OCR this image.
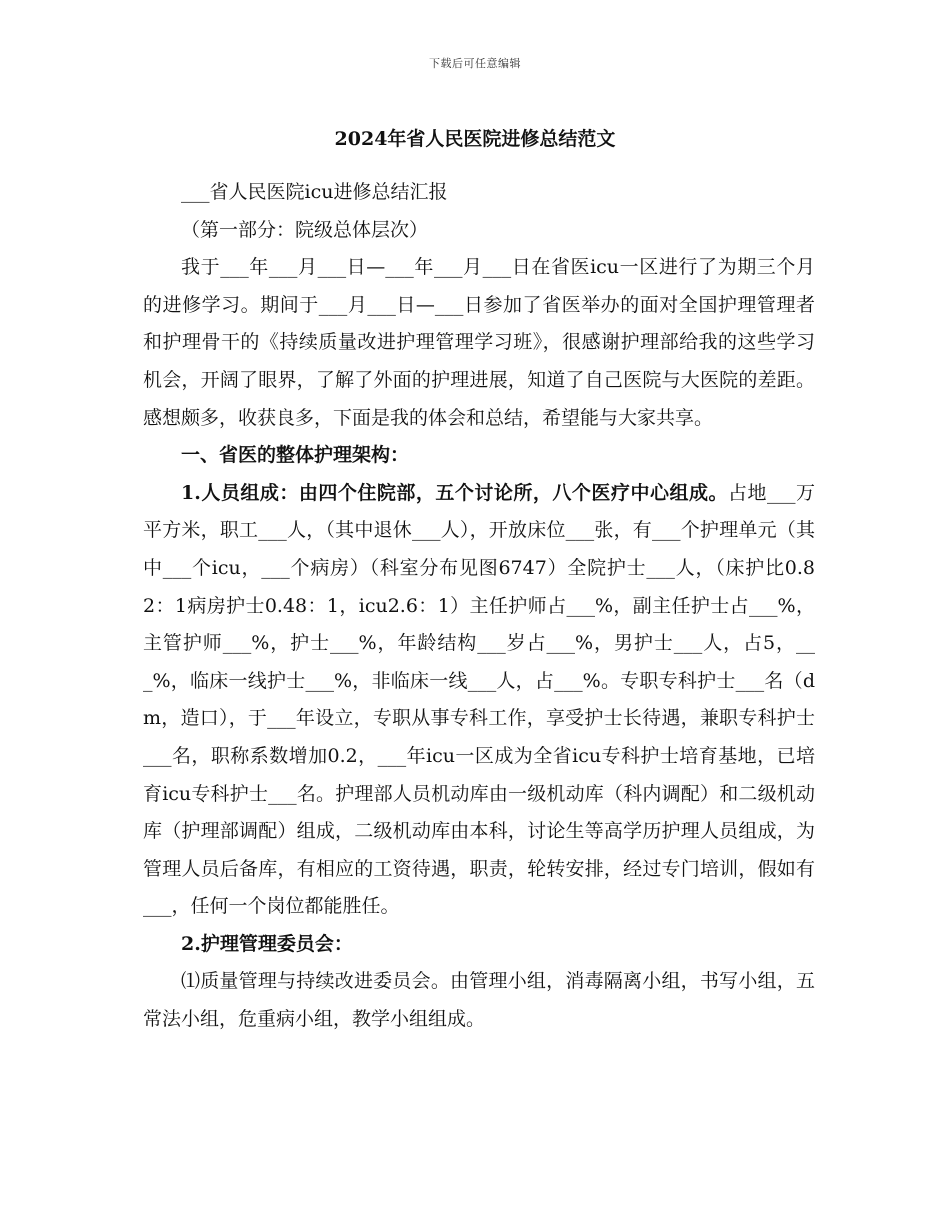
下载后可任意编辑
2024年省人民医院进修总结范文

___省人民医院icu进修总结汇报

（第一部分：院级总体层次）

我于___年___月___日—___年___月___日在省医icu一区进行了为期三个月的进修学习。期间于___月___日—___日参加了省医举办的面对全国护理管理者和护理骨干的《持续质量改进护理管理学习班》，很感谢护理部给我的这些学习机会，开阔了眼界，了解了外面的护理进展，知道了自己医院与大医院的差距。感想颇多，收获良多，下面是我的体会和总结，希望能与大家共享。

一、省医的整体护理架构：

1.人员组成：由四个住院部，五个讨论所，八个医疗中心组成。占地___万平方米，职工___人，（其中退休___人），开放床位___张，有___个护理单元（其中___个icu，___个病房）（科室分布见图6747）全院护士___人，（床护比0.82：1病房护士0.48：1，icu2.6：1）主任护师占___%，副主任护士占___%，主管护师___%，护士___%，年龄结构___岁占___%，男护士___人，占5，___%，临床一线护士___%，非临床一线___人，占___%。专职专科护士___名（dm，造口），于___年设立，专职从事专科工作，享受护士长待遇，兼职专科护士___名，职称系数增加0.2，___年icu一区成为全省icu专科护士培育基地，已培育icu专科护士___名。护理部人员机动库由一级机动库（科内调配）和二级机动库（护理部调配）组成，二级机动库由本科，讨论生等高学历护理人员组成，为管理人员后备库，有相应的工资待遇，职责，轮转安排，经过专门培训，假如有___，任何一个岗位都能胜任。

2.护理管理委员会：

⑴质量管理与持续改进委员会。由管理小组，消毒隔离小组，书写小组，五常法小组，危重病小组，教学小组组成。
